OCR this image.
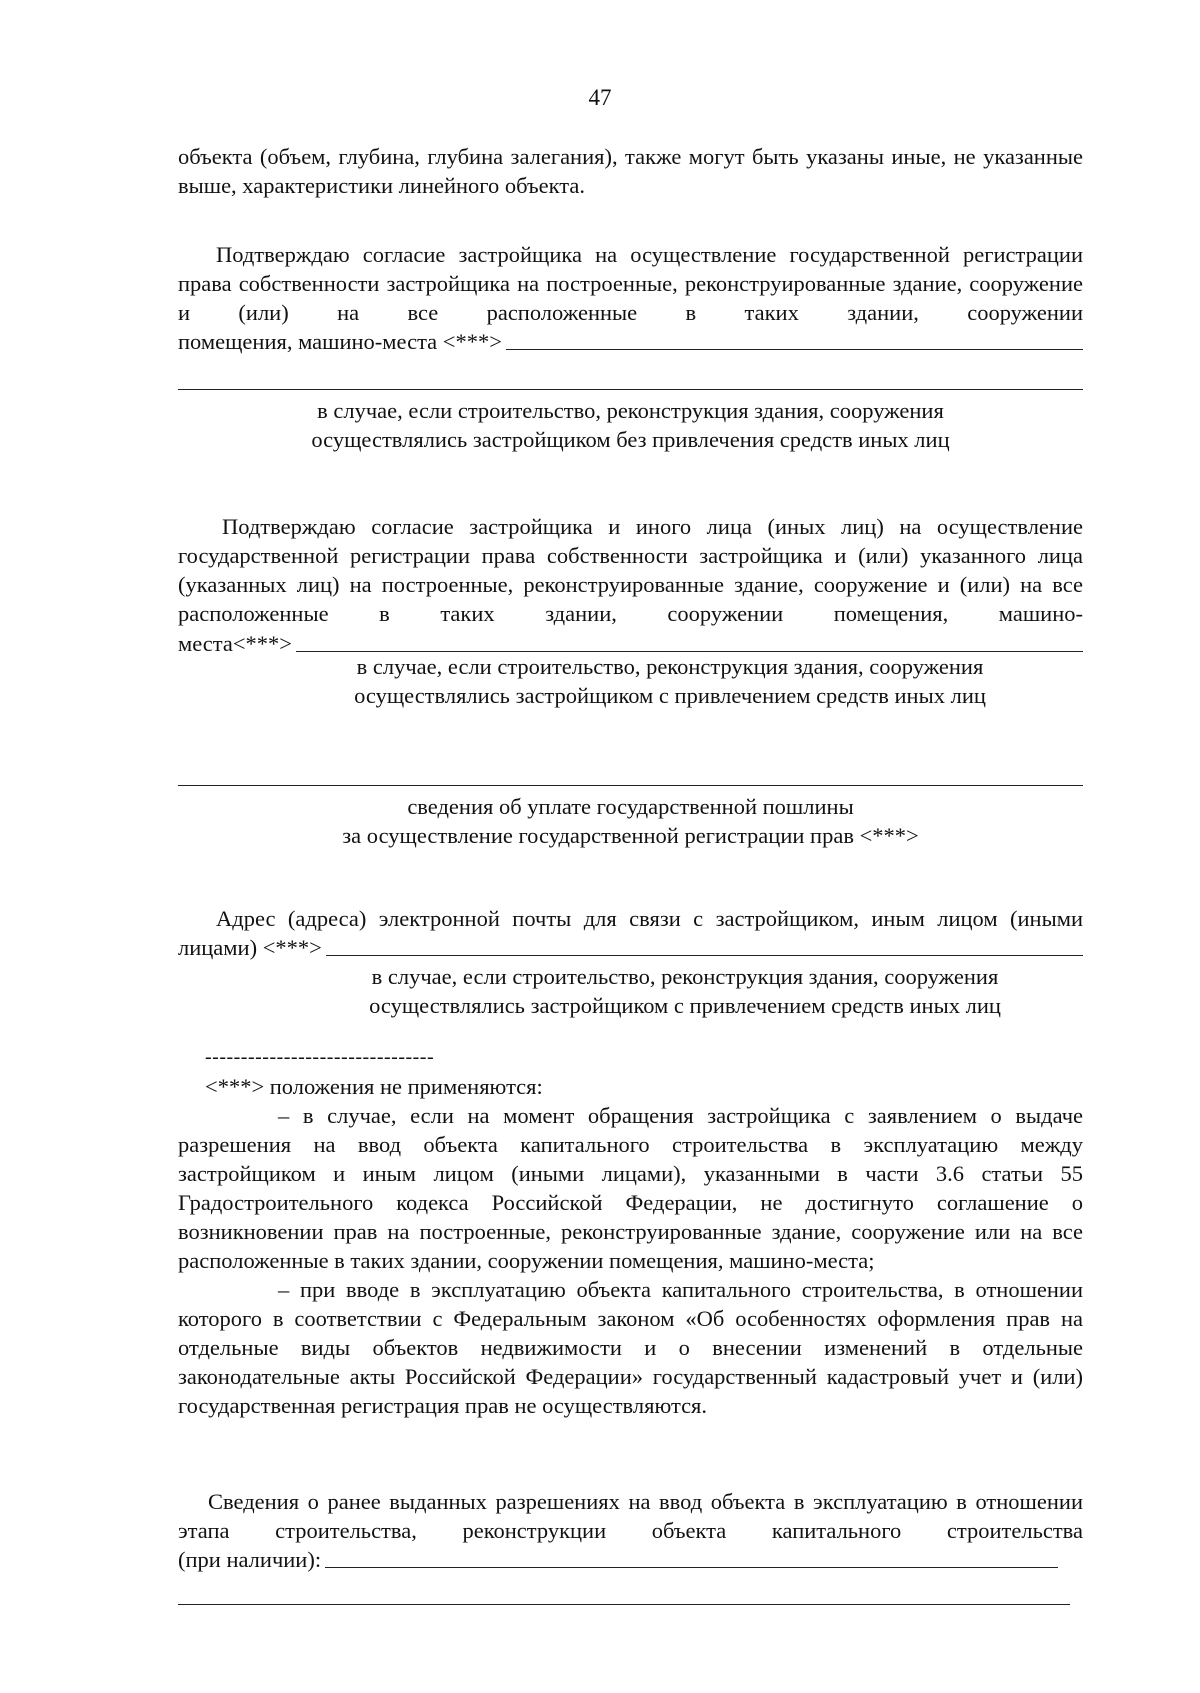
47
объекта (объем, глубина, глубина залегания), также могут быть указаны иные, не указанные выше, характеристики линейного объекта.
Подтверждаю согласие застройщика на осуществление государственной регистрации права собственности застройщика на построенные, реконструированные здание, сооружение и (или) на все расположенные в таких здании, сооружении
помещения, машино-места <***>
в случае, если строительство, реконструкция здания, сооружения
осуществлялись застройщиком без привлечения средств иных лиц
Подтверждаю согласие застройщика и иного лица (иных лиц) на осуществление государственной регистрации права собственности застройщика и (или) указанного лица (указанных лиц) на построенные, реконструированные здание, сооружение и (или) на все расположенные в таких здании, сооружении помещения, машино-
места<***>
в случае, если строительство, реконструкция здания, сооружения
осуществлялись застройщиком с привлечением средств иных лиц
сведения об уплате государственной пошлины
за осуществление государственной регистрации прав <***>
Адрес (адреса) электронной почты для связи с застройщиком, иным лицом (иными
лицами) <***>
в случае, если строительство, реконструкция здания, сооружения
осуществлялись застройщиком с привлечением средств иных лиц
--------------------------------
<***> положения не применяются:
– в случае, если на момент обращения застройщика с заявлением о выдаче разрешения на ввод объекта капитального строительства в эксплуатацию между застройщиком и иным лицом (иными лицами), указанными в части 3.6 статьи 55 Градостроительного кодекса Российской Федерации, не достигнуто соглашение о возникновении прав на построенные, реконструированные здание, сооружение или на все расположенные в таких здании, сооружении помещения, машино-места;
– при вводе в эксплуатацию объекта капитального строительства, в отношении которого в соответствии с Федеральным законом «Об особенностях оформления прав на отдельные виды объектов недвижимости и о внесении изменений в отдельные законодательные акты Российской Федерации» государственный кадастровый учет и (или) государственная регистрация прав не осуществляются.
Сведения о ранее выданных разрешениях на ввод объекта в эксплуатацию в отношении этапа строительства, реконструкции объекта капитального строительства
(при наличии):
